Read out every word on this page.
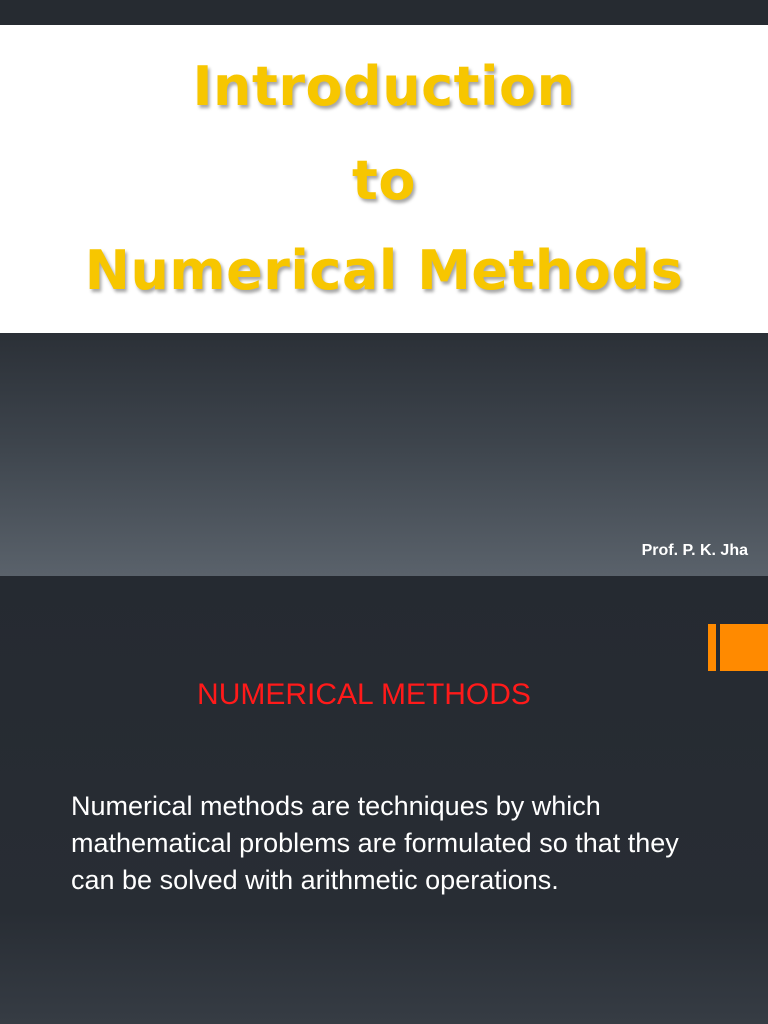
Introduction
to
Numerical Methods
Prof. P. K. Jha
NUMERICAL METHODS
Numerical methods are techniques by which mathematical problems are formulated so that they can be solved with arithmetic operations.
